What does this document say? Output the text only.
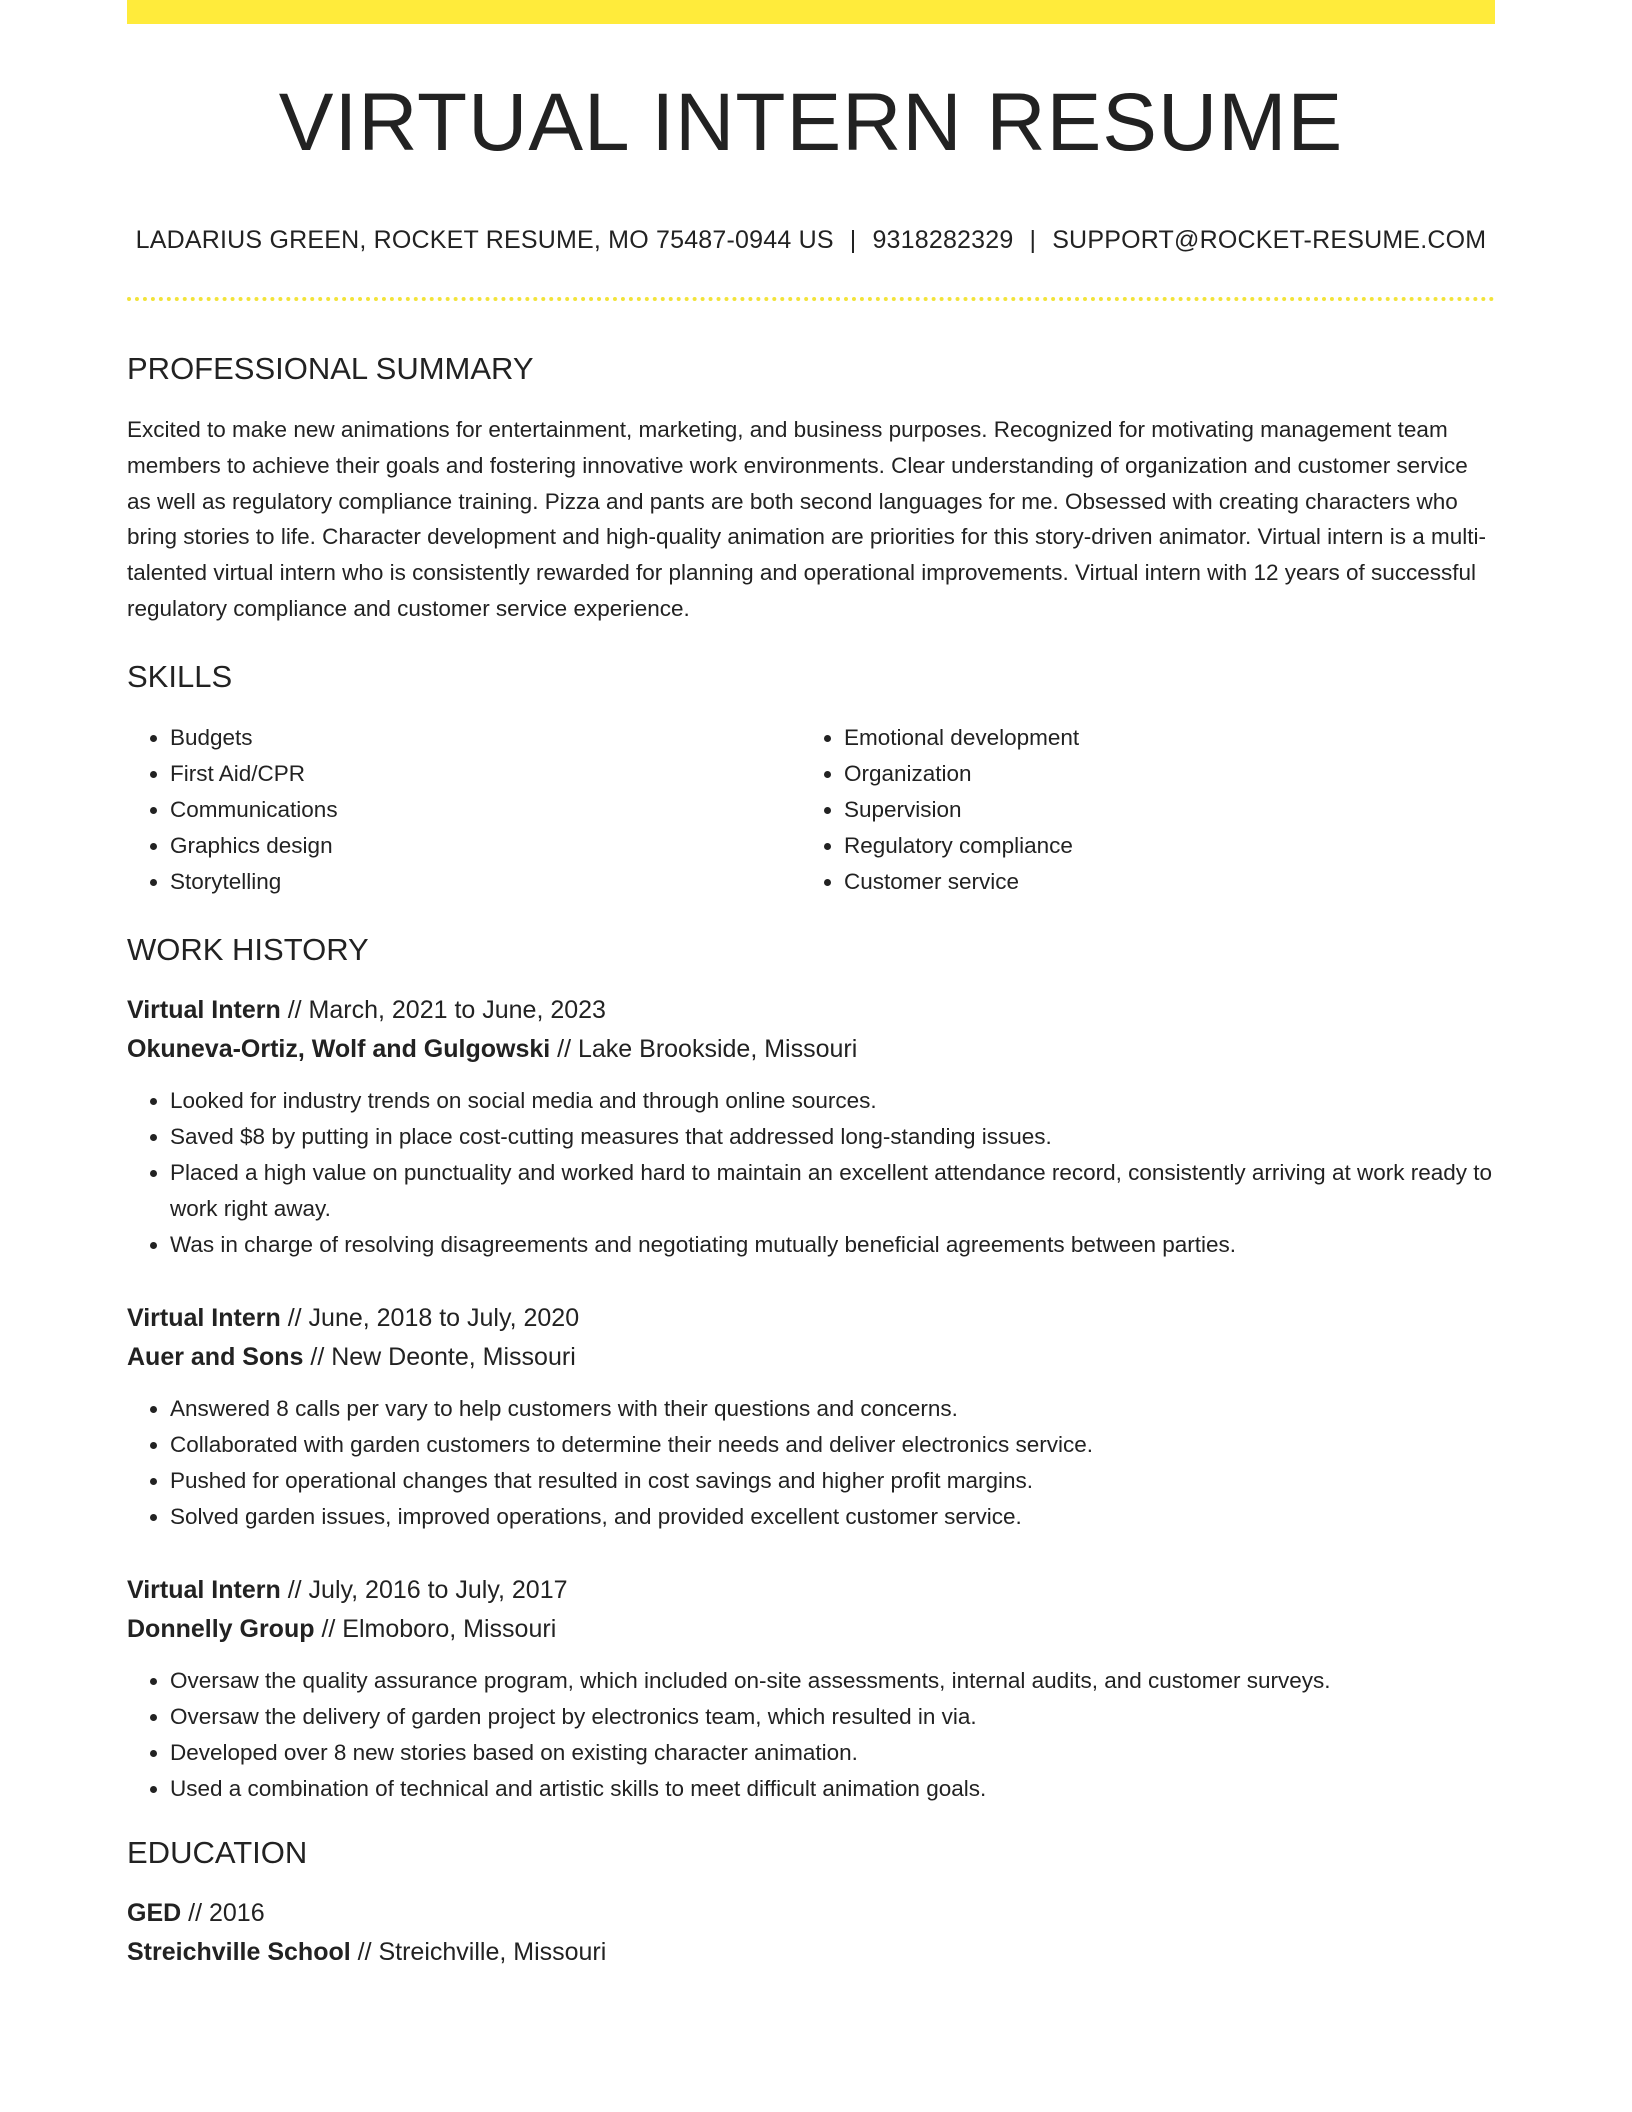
VIRTUAL INTERN RESUME
LADARIUS GREEN, ROCKET RESUME, MO 75487-0944 US | 9318282329 | SUPPORT@ROCKET-RESUME.COM
PROFESSIONAL SUMMARY

Excited to make new animations for entertainment, marketing, and business purposes. Recognized for motivating management team members to achieve their goals and fostering innovative work environments. Clear understanding of organization and customer service as well as regulatory compliance training. Pizza and pants are both second languages for me. Obsessed with creating characters who bring stories to life. Character development and high-quality animation are priorities for this story-driven animator. Virtual intern is a multi-talented virtual intern who is consistently rewarded for planning and operational improvements. Virtual intern with 12 years of successful regulatory compliance and customer service experience.

SKILLS
• Budgets
• First Aid/CPR
• Communications
• Graphics design
• Storytelling
• Emotional development
• Organization
• Supervision
• Regulatory compliance
• Customer service
WORK HISTORY
Virtual Intern // March, 2021 to June, 2023
Okuneva-Ortiz, Wolf and Gulgowski // Lake Brookside, Missouri
• Looked for industry trends on social media and through online sources.
• Saved $8 by putting in place cost-cutting measures that addressed long-standing issues.
• Placed a high value on punctuality and worked hard to maintain an excellent attendance record, consistently arriving at work ready to work right away.
• Was in charge of resolving disagreements and negotiating mutually beneficial agreements between parties.
Virtual Intern // June, 2018 to July, 2020
Auer and Sons // New Deonte, Missouri
• Answered 8 calls per vary to help customers with their questions and concerns.
• Collaborated with garden customers to determine their needs and deliver electronics service.
• Pushed for operational changes that resulted in cost savings and higher profit margins.
• Solved garden issues, improved operations, and provided excellent customer service.
Virtual Intern // July, 2016 to July, 2017
Donnelly Group // Elmoboro, Missouri
• Oversaw the quality assurance program, which included on-site assessments, internal audits, and customer surveys.
• Oversaw the delivery of garden project by electronics team, which resulted in via.
• Developed over 8 new stories based on existing character animation.
• Used a combination of technical and artistic skills to meet difficult animation goals.
EDUCATION
GED // 2016
Streichville School // Streichville, Missouri
